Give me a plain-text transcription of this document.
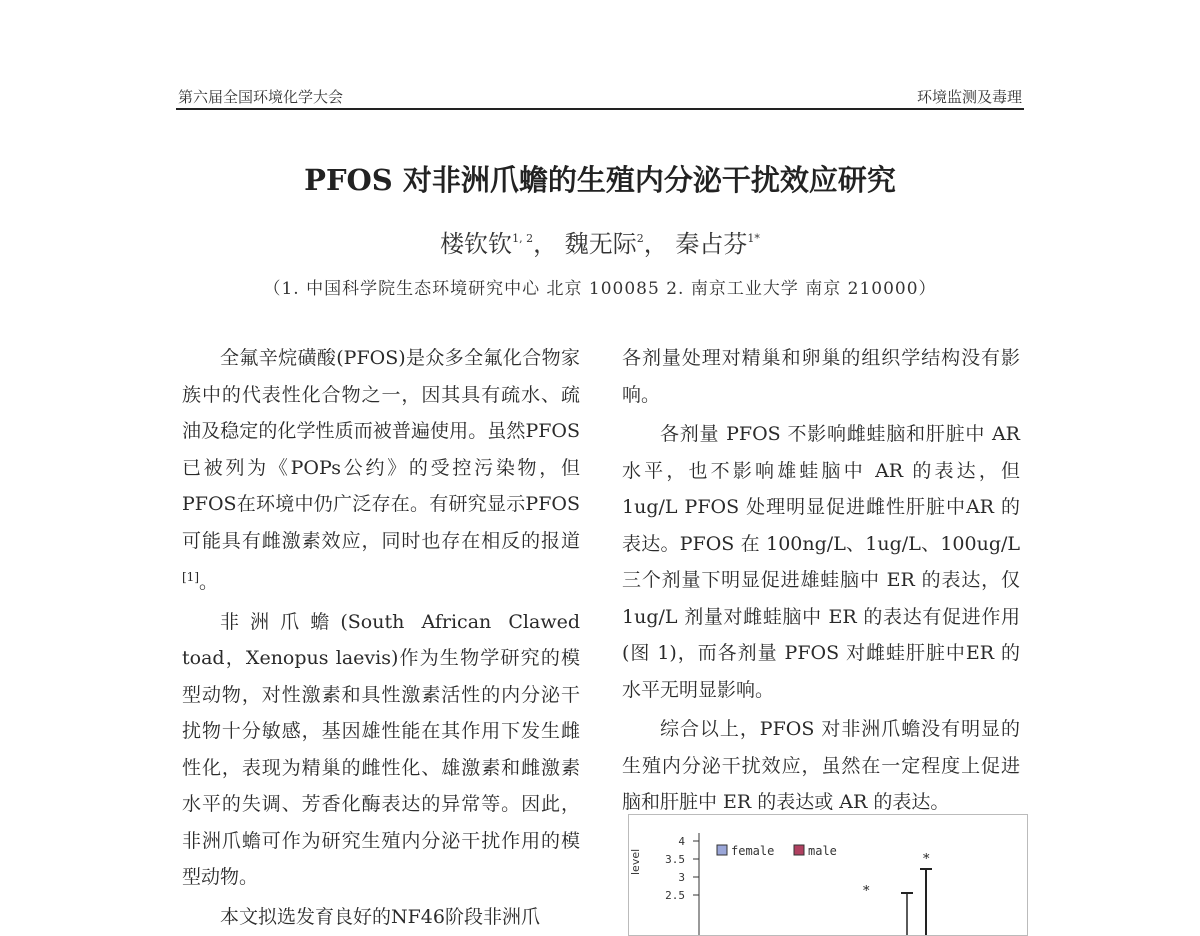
第六届全国环境化学大会	环境监测及毒理
PFOS 对非洲爪蟾的生殖内分泌干扰效应研究
楼钦钦$^{1, 2}$， 魏无际$^2$， 秦占芬$^{1*}$
（1. 中国科学院生态环境研究中心 北京 100085 2. 南京工业大学 南京 210000）

全氟辛烷磺酸(PFOS)是众多全氟化合物家族中的代表性化合物之一，因其具有疏水、疏油及稳定的化学性质而被普遍使用。虽然PFOS已被列为《POPs公约》的受控污染物，但PFOS在环境中仍广泛存在。有研究显示PFOS可能具有雌激素效应，同时也存在相反的报道[1]。

非洲爪蟾(South African Clawed toad，Xenopus laevis)作为生物学研究的模型动物，对性激素和具性激素活性的内分泌干扰物十分敏感，基因雄性能在其作用下发生雌性化，表现为精巢的雌性化、雄激素和雌激素水平的失调、芳香化酶表达的异常等。因此，非洲爪蟾可作为研究生殖内分泌干扰作用的模型动物。

本文拟选发育良好的NF46阶段非洲爪

各剂量处理对精巢和卵巢的组织学结构没有影响。

各剂量 PFOS 不影响雌蛙脑和肝脏中 AR 水平，也不影响雄蛙脑中 AR 的表达，但1ug/L PFOS 处理明显促进雌性肝脏中AR 的表达。PFOS 在 100ng/L、1ug/L、100ug/L 三个剂量下明显促进雄蛙脑中 ER 的表达，仅 1ug/L 剂量对雌蛙脑中 ER 的表达有促进作用(图 1)，而各剂量 PFOS 对雌蛙肝脏中ER 的水平无明显影响。

综合以上，PFOS 对非洲爪蟾没有明显的生殖内分泌干扰效应，虽然在一定程度上促进脑和肝脏中 ER 的表达或 AR 的表达。

level
4
3.5
3
2.5
female	male
*
*
